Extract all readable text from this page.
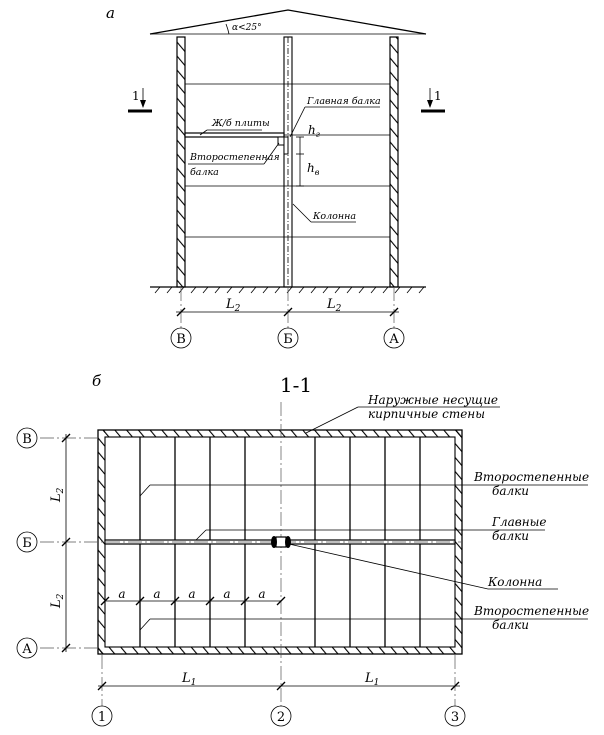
а
α<25°
$h_г$
$h_в$
Главная балка
Ж/б плиты
Второстепенная
балка
Колонна
1	1
$L_2$	$L_2$
В	Б	А
б	1-1
Наружные несущие
кирпичные стены
Второстепенные
балки
Главные
балки
Колонна
Второстепенные
балки
a a a a a
$L_2$
$L_2$
$L_1$	$L_1$
В
Б
А
1	2	3
